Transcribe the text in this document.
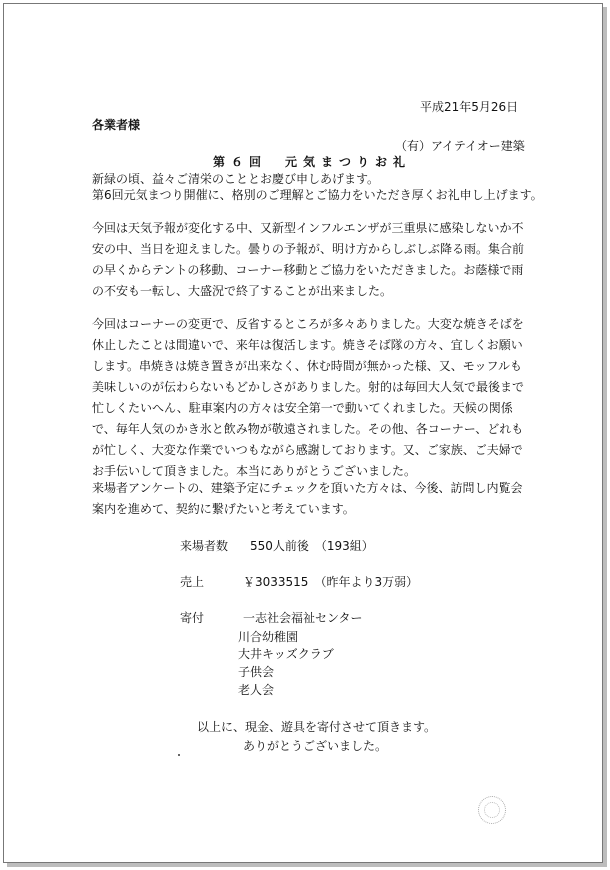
平成21年5月26日
各業者様
（有）アイテイオー建築
第６回　元気まつりお礼
新緑の頃、益々ご清栄のこととお慶び申しあげます。
第6回元気まつり開催に、格別のご理解とご協力をいただき厚くお礼申し上げます。
今回は天気予報が変化する中、又新型インフルエンザが三重県に感染しないか不安の中、当日を迎えました。曇りの予報が、明け方からしぶしぶ降る雨。集合前の早くからテントの移動、コーナー移動とご協力をいただきました。お蔭様で雨の不安も一転し、大盛況で終了することが出来ました。
今回はコーナーの変更で、反省するところが多々ありました。大変な焼きそばを休止したことは間違いで、来年は復活します。焼きそば隊の方々、宜しくお願いします。串焼きは焼き置きが出来なく、休む時間が無かった様、又、モッフルも美味しいのが伝わらないもどかしさがありました。射的は毎回大人気で最後まで忙しくたいへん、駐車案内の方々は安全第一で動いてくれました。天候の関係で、毎年人気のかき氷と飲み物が敬遠されました。その他、各コーナー、どれもが忙しく、大変な作業でいつもながら感謝しております。又、ご家族、ご夫婦でお手伝いして頂きました。本当にありがとうございました。
来場者アンケートの、建築予定にチェックを頂いた方々は、今後、訪問し内覧会案内を進めて、契約に繋げたいと考えています。
来場者数 550人前後　（193組）
売上	￥3033515　（昨年より3万弱）
寄付	一志社会福祉センター
川合幼稚園
大井キッズクラブ
子供会
老人会
以上に、現金、遊具を寄付させて頂きます。
ありがとうございました。
